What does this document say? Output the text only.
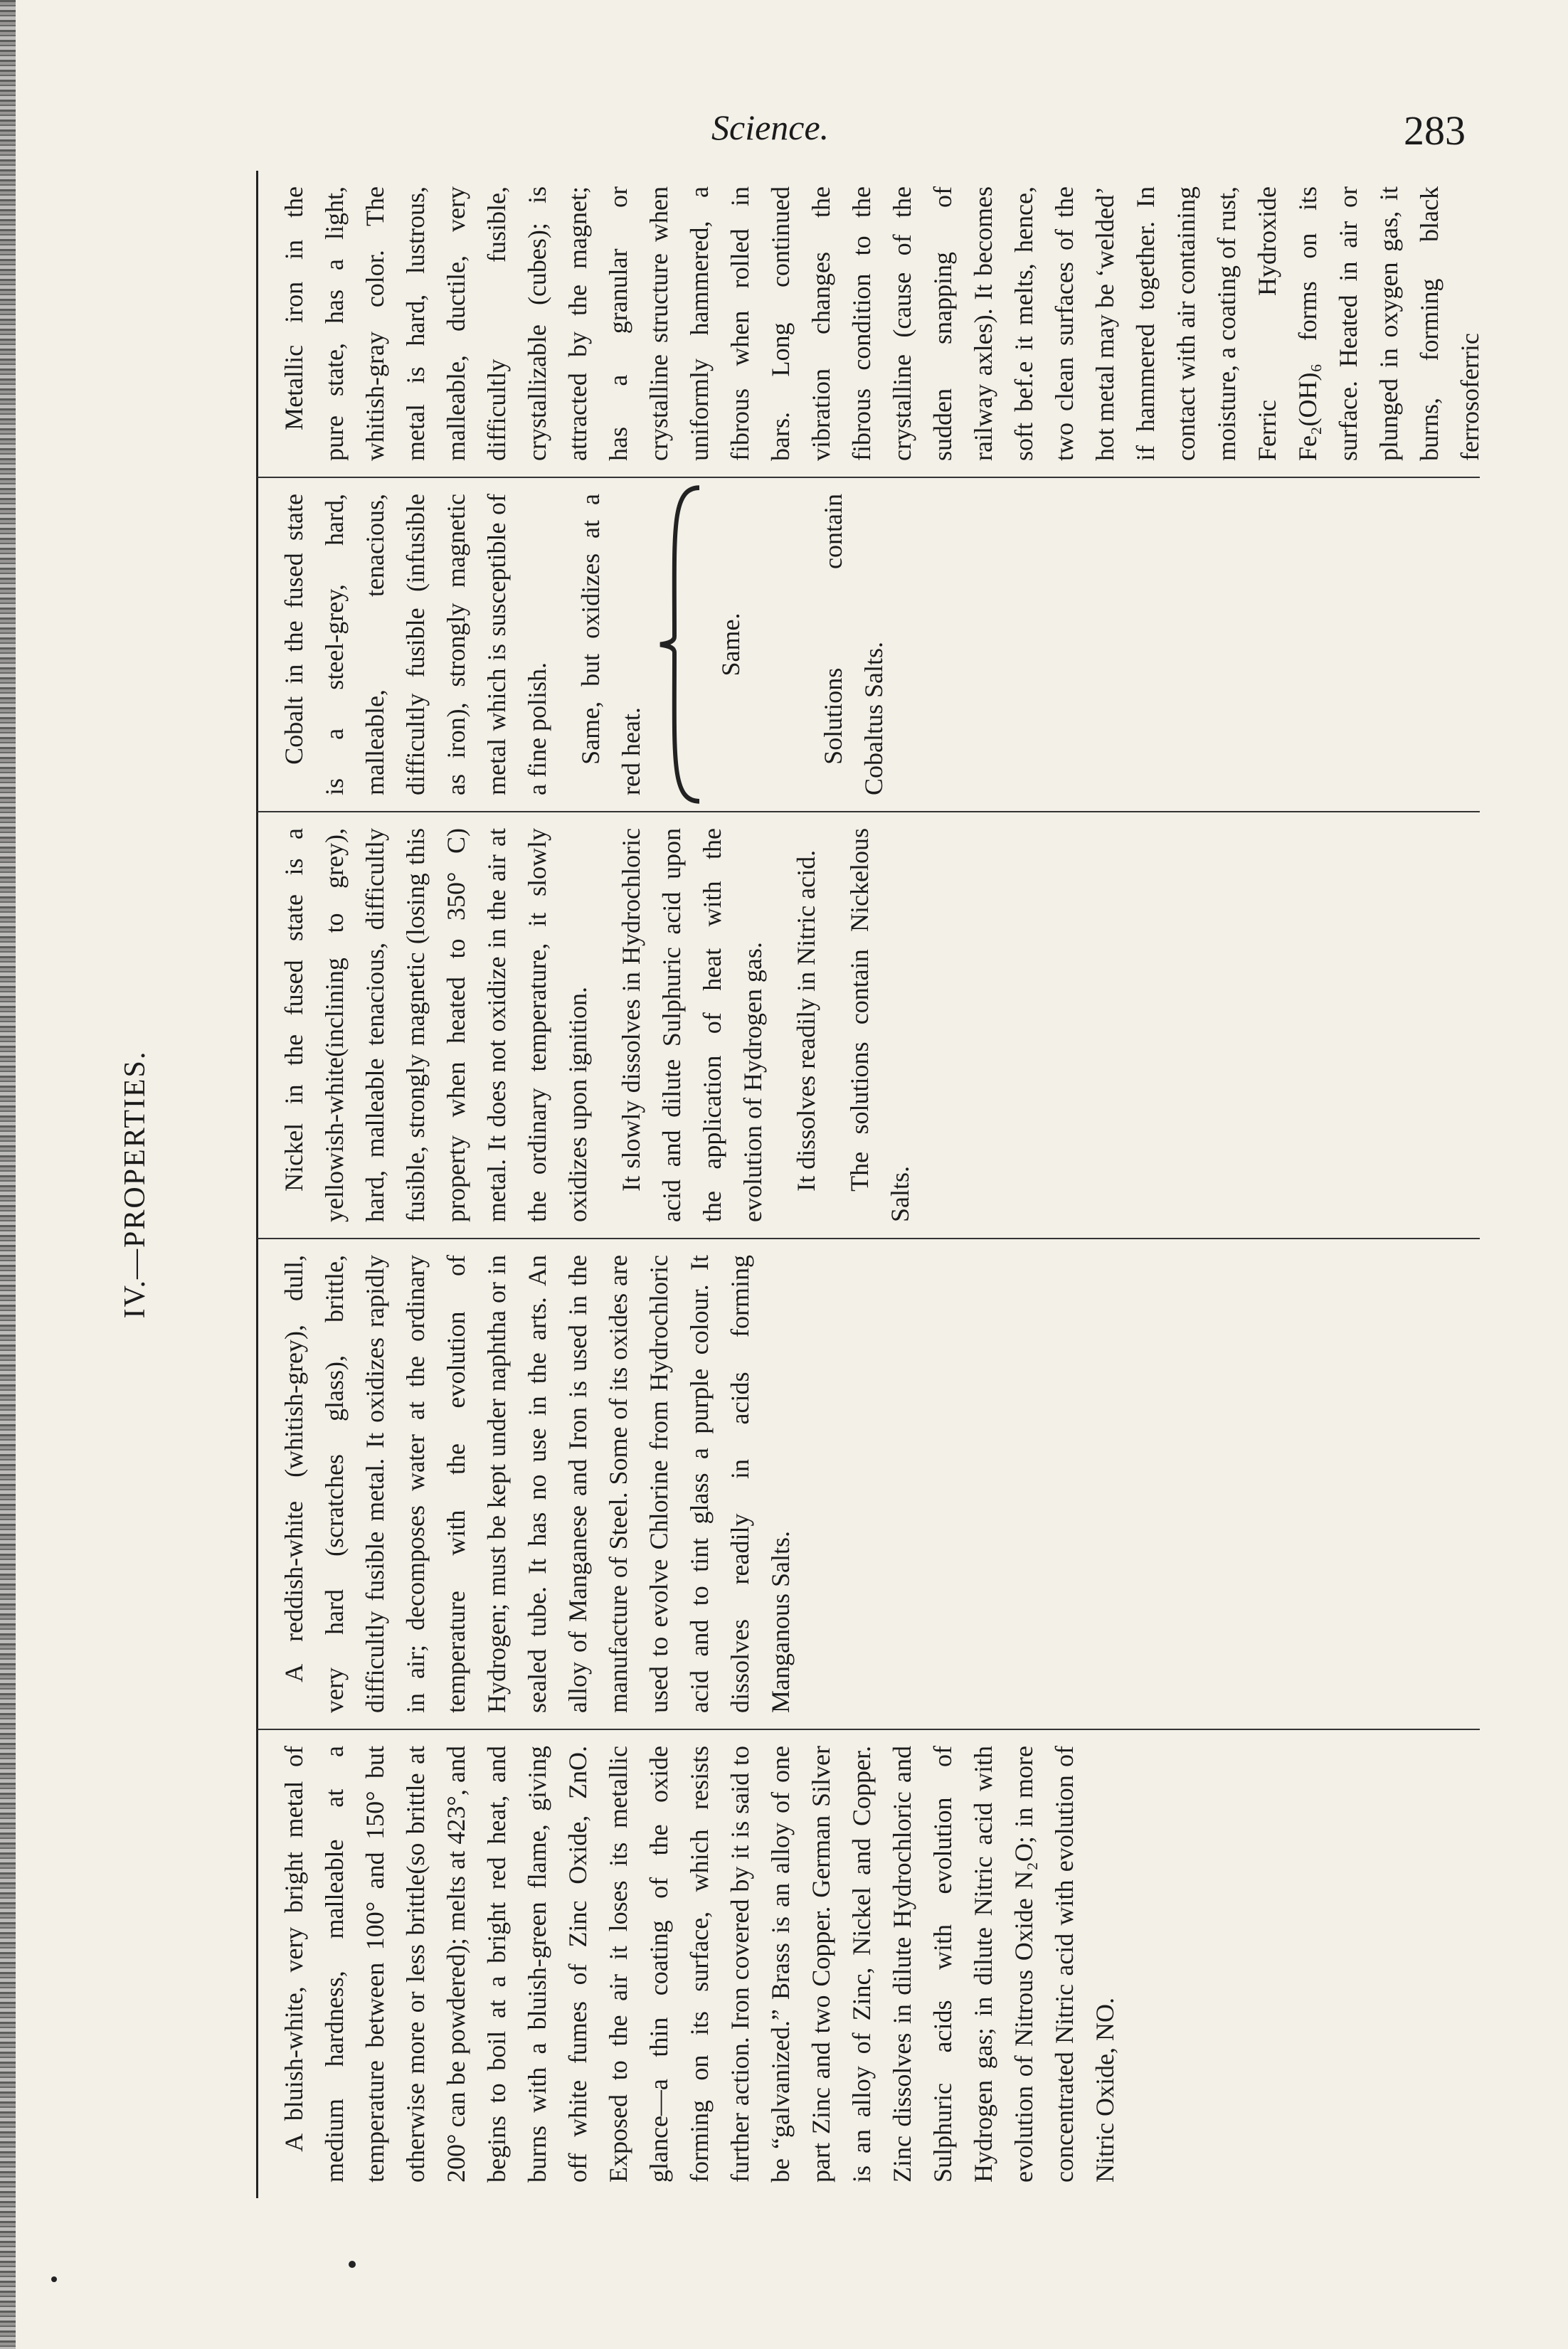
Science.	283
IV.—PROPERTIES.

A bluish-white, very bright metal of medium hardness, malleable at a temperature between 100° and 150° but otherwise more or less brittle(so brittle at 200° can be powdered); melts at 423°, and begins to boil at a bright red heat, and burns with a bluish-green flame, giving off white fumes of Zinc Oxide, ZnO. Exposed to the air it loses its metallic glance—a thin coating of the oxide forming on its surface, which resists further action. Iron covered by it is said to be “galvanized.” Brass is an alloy of one part Zinc and two Copper. German Silver is an alloy of Zinc, Nickel and Copper. Zinc dissolves in dilute Hydrochloric and Sulphuric acids with evolution of Hydrogen gas; in dilute Nitric acid with evolution of Nitrous Oxide N₂O; in more concentrated Nitric acid with evolution of Nitric Oxide, NO.

A reddish-white (whitish-grey), dull, very hard (scratches glass), brittle, difficultly fusible metal. It oxidizes rapidly in air; decomposes water at the ordinary temperature with the evolution of Hydrogen; must be kept under naphtha or in sealed tube. It has no use in the arts. An alloy of Manganese and Iron is used in the manufacture of Steel. Some of its oxides are used to evolve Chlorine from Hydrochloric acid and to tint glass a purple colour. It dissolves readily in acids forming Manganous Salts.

Nickel in the fused state is a yellowish-white(inclining to grey), hard, malleable tenacious, difficultly fusible, strongly magnetic (losing this property when heated to 350° C) metal. It does not oxidize in the air at the ordinary temperature, it slowly oxidizes upon ignition. It slowly dissolves in Hydrochloric acid and dilute Sulphuric acid upon the application of heat with the evolution of Hydrogen gas. It dissolves readily in Nitric acid. The solutions contain Nickelous Salts.

Cobalt in the fused state is a steel-grey, hard, malleable, tenacious, difficultly fusible (infusible as iron), strongly magnetic metal which is susceptible of a fine polish. Same, but oxidizes at a red heat.

Same.	Solutions contain Cobaltus Salts.

Metallic iron in the pure state, has a light, whitish-gray color. The metal is hard, lustrous, malleable, ductile, very difficultly fusible, crystallizable (cubes); is attracted by the magnet; has a granular or crystalline structure when uniformly hammered, a fibrous when rolled in bars. Long continued vibration changes the fibrous condition to the crystalline (cause of the sudden snapping of railway axles). It becomes soft bef.e it melts, hence, two clean surfaces of the hot metal may be ‘welded’ if hammered together. In contact with air containing moisture, a coating of rust, Ferric Hydroxide Fe₂(OH)₆ forms on its surface. Heated in air or plunged in oxygen gas, it burns, forming black ferrosoferric
